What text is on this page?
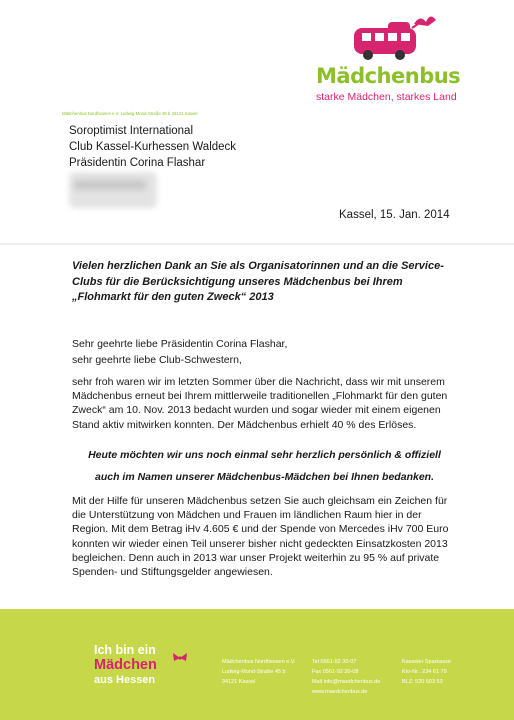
Mädchenbus
starke Mädchen, starkes Land
Mädchenbus Nordhessen e.V. Ludwig-Mond-Straße 45 b 34121 Kassel
Soroptimist International
Club Kassel-Kurhessen Waldeck
Präsidentin Corina Flashar
Kassel, 15. Jan. 2014
Vielen herzlichen Dank an Sie als Organisatorinnen und an die Service-Clubs für die Berücksichtigung unseres Mädchenbus bei Ihrem „Flohmarkt für den guten Zweck“ 2013
Sehr geehrte liebe Präsidentin Corina Flashar,
sehr geehrte liebe Club-Schwestern,
sehr froh waren wir im letzten Sommer über die Nachricht, dass wir mit unserem Mädchenbus erneut bei Ihrem mittlerweile traditionellen „Flohmarkt für den guten Zweck“ am 10. Nov. 2013 bedacht wurden und sogar wieder mit einem eigenen Stand aktiv mitwirken konnten. Der Mädchenbus erhielt 40 % des Erlöses.
Heute möchten wir uns noch einmal sehr herzlich persönlich & offiziell
auch im Namen unserer Mädchenbus-Mädchen bei Ihnen bedanken.
Mit der Hilfe für unseren Mädchenbus setzen Sie auch gleichsam ein Zeichen für die Unterstützung von Mädchen und Frauen im ländlichen Raum hier in der Region. Mit dem Betrag iHv 4.605 € und der Spende von Mercedes iHv 700 Euro konnten wir wieder einen Teil unserer bisher nicht gedeckten Einsatzkosten 2013 begleichen. Denn auch in 2013 war unser Projekt weiterhin zu 95 % auf private Spenden- und Stiftungsgelder angewiesen.
Ich bin ein
Mädchen
aus Hessen
Mädchenbus Nordhessen e.V.
Ludwig-Mond-Straße 45 b
34121 Kassel
Tel 0561-92 30-07
Fax 0561-92 30-08
Mail info@maedchenbus.de
Kasseler Sparkasse
Kto-Nr.: 234 61 79
BLZ: 520 503 53
www.maedchenbus.de
